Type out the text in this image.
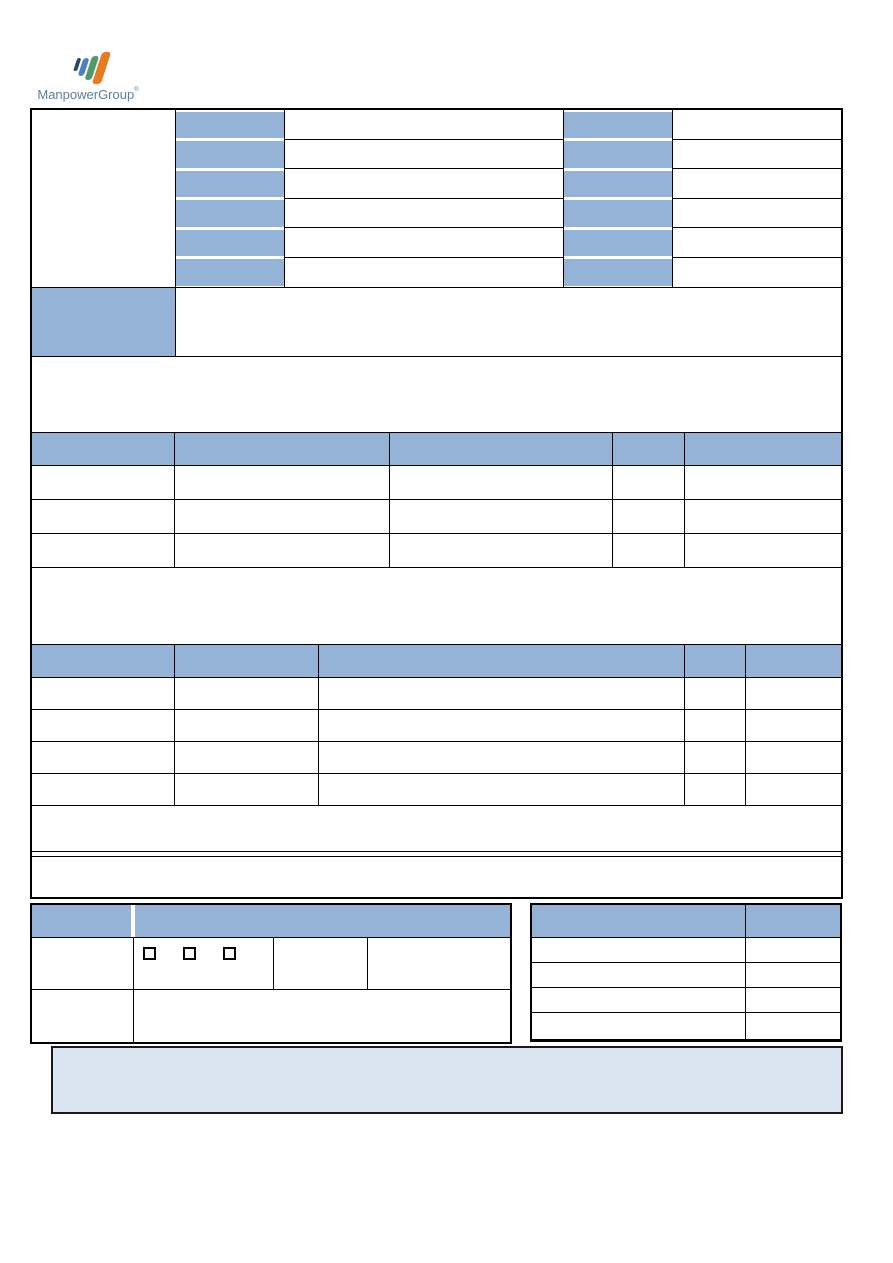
ManpowerGroup®
